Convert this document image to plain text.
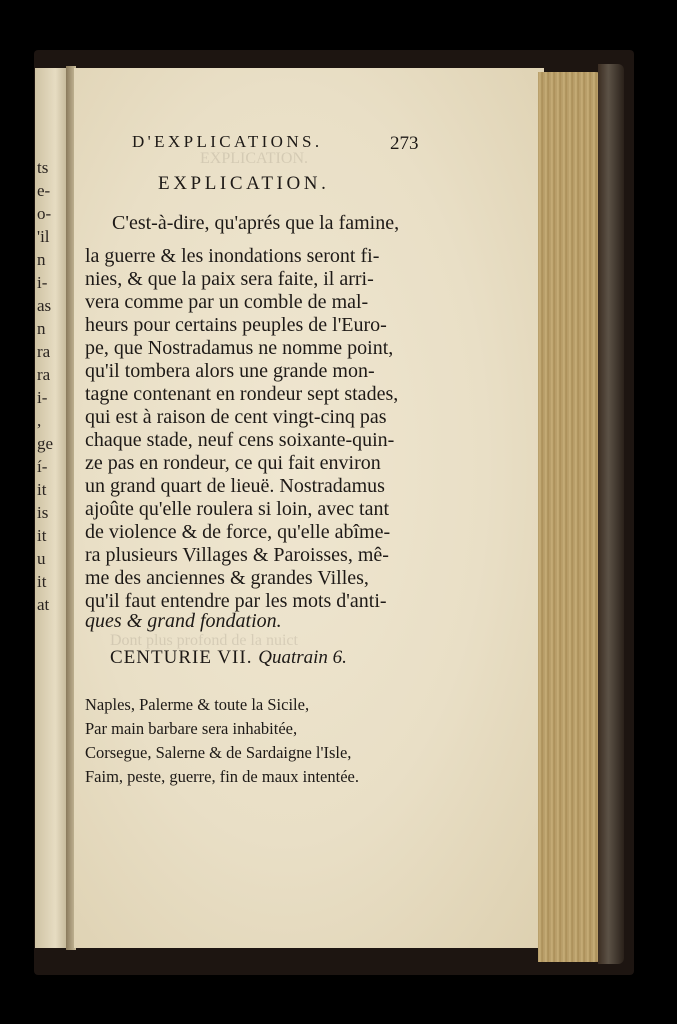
ts
e-
o-
'il
n
i-
as
n
ra
ra
i-
,
ge
í-
it
is
it
u
it
at
EXPLICATION.
Dont plus profond de la nuict
D'EXPLICATIONS.	273
EXPLICATION.
C'est-à-dire, qu'aprés que la famine,
la guerre & les inondations seront fi-
nies, & que la paix sera faite, il arri-
vera comme par un comble de mal-
heurs pour certains peuples de l'Euro-
pe, que Nostradamus ne nomme point,
qu'il tombera alors une grande mon-
tagne contenant en rondeur sept stades,
qui est à raison de cent vingt-cinq pas
chaque stade, neuf cens soixante-quin-
ze pas en rondeur, ce qui fait environ
un grand quart de lieuë. Nostradamus
ajoûte qu'elle roulera si loin, avec tant
de violence & de force, qu'elle abîme-
ra plusieurs Villages & Paroisses, mê-
me des anciennes & grandes Villes,
qu'il faut entendre par les mots d'anti-
ques & grand fondation.
CENTURIE VII. Quatrain 6.
Naples, Palerme & toute la Sicile,
Par main barbare sera inhabitée,
Corsegue, Salerne & de Sardaigne l'Isle,
Faim, peste, guerre, fin de maux intentée.
